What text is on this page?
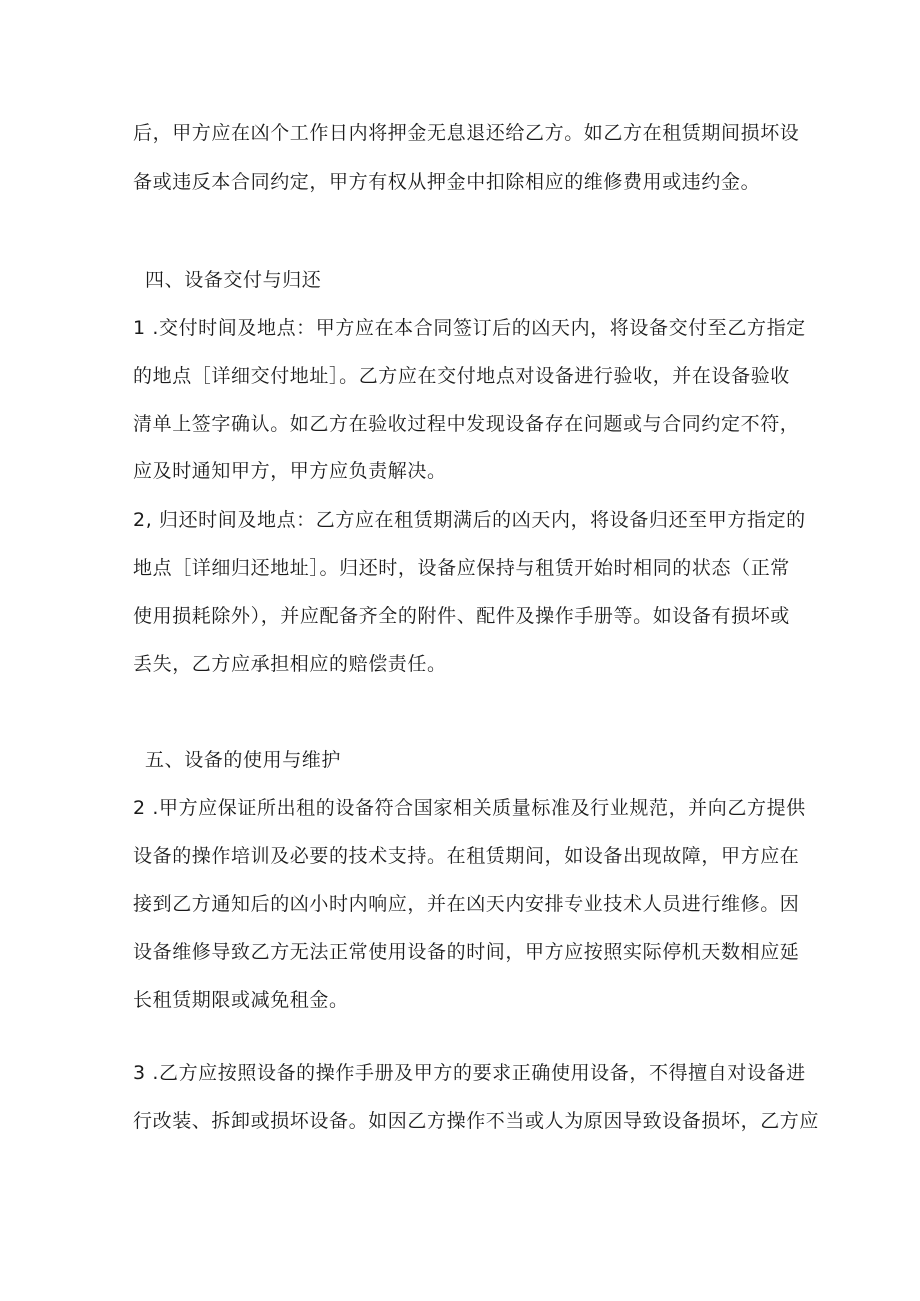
后，甲方应在凶个工作日内将押金无息退还给乙方。如乙方在租赁期间损坏设
备或违反本合同约定，甲方有权从押金中扣除相应的维修费用或违约金。
四、设备交付与归还
1 .交付时间及地点：甲方应在本合同签订后的凶天内，将设备交付至乙方指定
的地点［详细交付地址］。乙方应在交付地点对设备进行验收，并在设备验收
清单上签字确认。如乙方在验收过程中发现设备存在问题或与合同约定不符，
应及时通知甲方，甲方应负责解决。
2, 归还时间及地点：乙方应在租赁期满后的凶天内，将设备归还至甲方指定的
地点［详细归还地址］。归还时，设备应保持与租赁开始时相同的状态（正常
使用损耗除外），并应配备齐全的附件、配件及操作手册等。如设备有损坏或
丢失，乙方应承担相应的赔偿责任。
五、设备的使用与维护
2 .甲方应保证所出租的设备符合国家相关质量标准及行业规范，并向乙方提供
设备的操作培训及必要的技术支持。在租赁期间，如设备出现故障，甲方应在
接到乙方通知后的凶小时内响应，并在凶天内安排专业技术人员进行维修。因
设备维修导致乙方无法正常使用设备的时间，甲方应按照实际停机天数相应延
长租赁期限或减免租金。
3 .乙方应按照设备的操作手册及甲方的要求正确使用设备，不得擅自对设备进
行改装、拆卸或损坏设备。如因乙方操作不当或人为原因导致设备损坏，乙方应
